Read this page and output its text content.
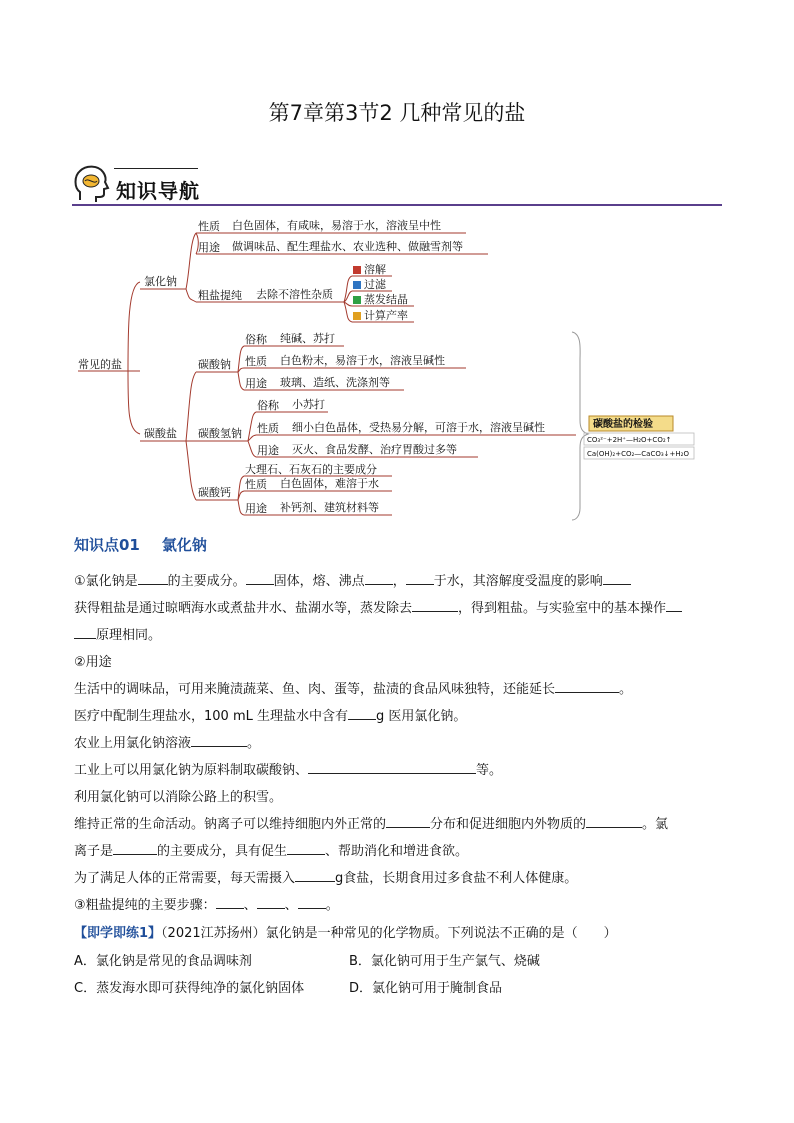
第7章第3节2 几种常见的盐
知识导航
常见的盐
氯化钠
性质 白色固体，有咸味，易溶于水，溶液呈中性
用途 做调味品、配生理盐水、农业选种、做融雪剂等
粗盐提纯 去除不溶性杂质
溶解
过滤
蒸发结晶
计算产率
碳酸盐
碳酸钠
俗称 纯碱、苏打
性质 白色粉末，易溶于水，溶液呈碱性
用途 玻璃、造纸、洗涤剂等
碳酸氢钠
俗称 小苏打
性质 细小白色晶体，受热易分解，可溶于水，溶液呈碱性
用途 灭火、食品发酵、治疗胃酸过多等
碳酸钙
大理石、石灰石的主要成分
性质 白色固体，难溶于水
用途 补钙剂、建筑材料等
碳酸盐的检验
CO₃²⁻+2H⁺—H₂O+CO₂↑
Ca(OH)₂+CO₂—CaCO₃↓+H₂O
知识点01 氯化钠
①氯化钠是 的主要成分。 固体，熔、沸点 ， 于水，其溶解度受温度的影响
获得粗盐是通过晾晒海水或煮盐井水、盐湖水等，蒸发除去	，得到粗盐。与实验室中的基本操作
原理相同。
②用途
生活中的调味品，可用来腌渍蔬菜、鱼、肉、蛋等，盐渍的食品风味独特，还能延长	。
医疗中配制生理盐水，100 mL 生理盐水中含有 g 医用氯化钠。
农业上用氯化钠溶液	。
工业上可以用氯化钠为原料制取碳酸钠、	等。
利用氯化钠可以消除公路上的积雪。
维持正常的生命活动。钠离子可以维持细胞内外正常的	分布和促进细胞内外物质的	。氯
离子是	的主要成分，具有促生	、帮助消化和增进食欲。
为了满足人体的正常需要，每天需摄入	g食盐，长期食用过多食盐不利人体健康。
③粗盐提纯的主要步骤： 、 、 。
【即学即练1】（2021江苏扬州）氯化钠是一种常见的化学物质。下列说法不正确的是（　　）
A．氯化钠是常见的食品调味剂	B．氯化钠可用于生产氯气、烧碱
C．蒸发海水即可获得纯净的氯化钠固体	D．氯化钠可用于腌制食品
